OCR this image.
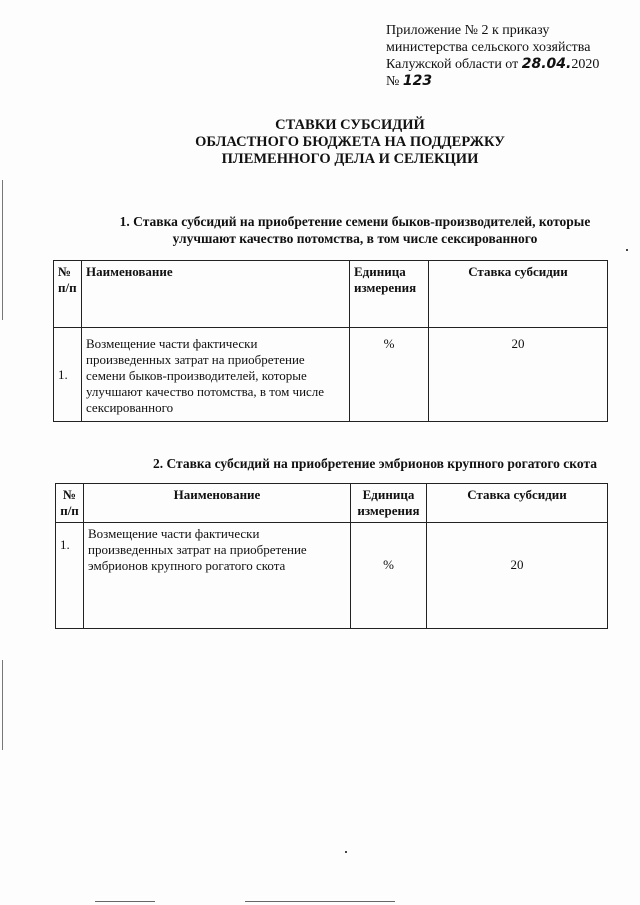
Приложение № 2 к приказу
министерства сельского хозяйства
Калужской области от 28.04.2020
№ 123
СТАВКИ СУБСИДИЙ
ОБЛАСТНОГО БЮДЖЕТА НА ПОДДЕРЖКУ
ПЛЕМЕННОГО ДЕЛА И СЕЛЕКЦИИ
1. Ставка субсидий на приобретение семени быков-производителей, которые
улучшают качество потомства, в том числе сексированного
№ п/п	Наименование	Единица измерения	Ставка субсидии
1.	Возмещение части фактически произведенных затрат на приобретение семени быков-производителей, которые улучшают качество потомства, в том числе сексированного	%	20
2. Ставка субсидий на приобретение эмбрионов крупного рогатого скота
№ п/п	Наименование	Единица измерения	Ставка субсидии
1.	Возмещение части фактически произведенных затрат на приобретение эмбрионов крупного рогатого скота	%	20
